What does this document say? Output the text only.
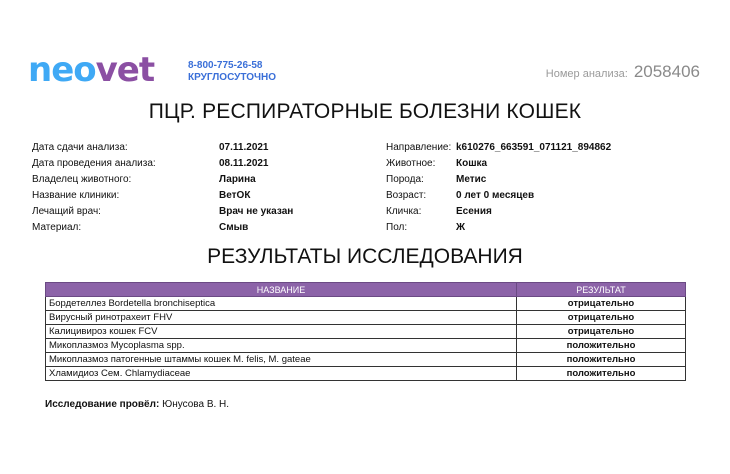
neovet	8-800-775-26-58
КРУГЛОСУТОЧНО	Номер анализа: 2058406
ПЦР. РЕСПИРАТОРНЫЕ БОЛЕЗНИ КОШЕК
Дата сдачи анализа:	07.11.2021
Дата проведения анализа:	08.11.2021
Владелец животного:	Ларина
Название клиники:	ВетОК
Лечащий врач:	Врач не указан
Материал:	Смыв
Направление: k610276_663591_071121_894862
Животное:	Кошка
Порода:	Метис
Возраст:	0 лет 0 месяцев
Кличка:	Есения
Пол:	Ж
РЕЗУЛЬТАТЫ ИССЛЕДОВАНИЯ
НАЗВАНИЕ	РЕЗУЛЬТАТ
Бордетеллез Bordetella bronchiseptica	отрицательно
Вирусный ринотрахеит FHV	отрицательно
Калицивироз кошек FCV	отрицательно
Микоплазмоз Mycoplasma spp.	положительно
Микоплазмоз патогенные штаммы кошек M. felis, M. gateae	положительно
Хламидиоз Сем. Chlamydiaceae	положительно
Исследование провёл: Юнусова В. Н.
